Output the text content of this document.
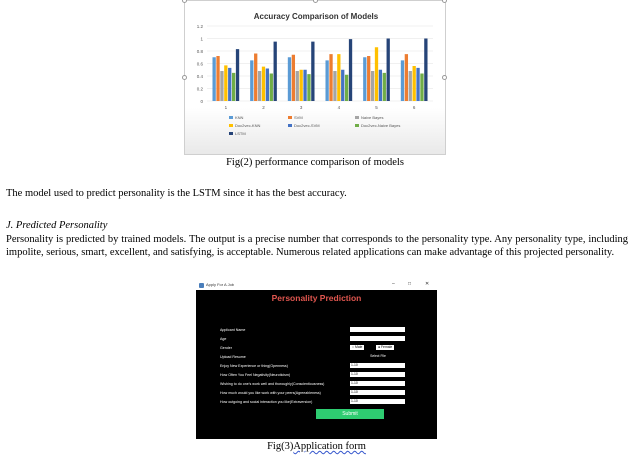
Accuracy Comparison of Models
0
0.2
0.4
0.6
0.8
1
1.2
1	2	3	4	5	6
KNN	SVM	Naive Bayes
Doc2vec-KNN	Doc2vec-SVM	Doc2vec-Naive Bayes
LSTM
Fig(2) performance comparison of models
The model used to predict personality is the LSTM since it has the best accuracy.
J. Predicted Personality
Personality is predicted by trained models. The output is a precise number that corresponds to the personality type. Any personality type, including impolite, serious, smart, excellent, and satisfying, is acceptable. Numerous related applications can make advantage of this projected personality.
Apply For A Job	–	□	✕
Personality Prediction
Applicant Name
Age
Gender	○ Male	● Female
Upload Resume	Select File
Enjoy New Experience or thing(Openness)	1-10
How Often You Feel Negativity(Neuroticism)	1-10
Wishing to do one's work well and thoroughly(Conscientiousness)	1-10
How much would you like work with your peers(Agreeableness)	1-10
How outgoing and social interaction you like(Extraversion)	1-10
Submit
Fig(3)Application form
